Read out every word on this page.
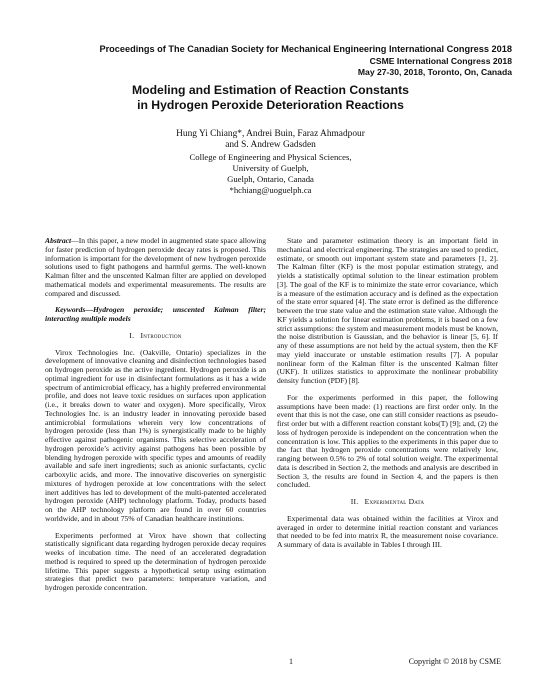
Proceedings of The Canadian Society for Mechanical Engineering International Congress 2018
CSME International Congress 2018
May 27-30, 2018, Toronto, On, Canada
Modeling and Estimation of Reaction Constants
in Hydrogen Peroxide Deterioration Reactions
Hung Yi Chiang*, Andrei Buin, Faraz Ahmadpour
and S. Andrew Gadsden
College of Engineering and Physical Sciences,
University of Guelph,
Guelph, Ontario, Canada
*hchiang@uoguelph.ca

Abstract—In this paper, a new model in augmented state space allowing for faster prediction of hydrogen peroxide decay rates is proposed. This information is important for the development of new hydrogen peroxide solutions used to fight pathogens and harmful germs. The well-known Kalman filter and the unscented Kalman filter are applied on developed mathematical models and experimental measurements. The results are compared and discussed.

Keywords—Hydrogen peroxide; unscented Kalman filter; interacting multiple models

I. Introduction

Virox Technologies Inc. (Oakville, Ontario) specializes in the development of innovative cleaning and disinfection technologies based on hydrogen peroxide as the active ingredient. Hydrogen peroxide is an optimal ingredient for use in disinfectant formulations as it has a wide spectrum of antimicrobial efficacy, has a highly preferred environmental profile, and does not leave toxic residues on surfaces upon application (i.e., it breaks down to water and oxygen). More specifically, Virox Technologies Inc. is an industry leader in innovating peroxide based antimicrobial formulations wherein very low concentrations of hydrogen peroxide (less than 1%) is synergistically made to be highly effective against pathogenic organisms. This selective acceleration of hydrogen peroxide’s activity against pathogens has been possible by blending hydrogen peroxide with specific types and amounts of readily available and safe inert ingredients; such as anionic surfactants, cyclic carboxylic acids, and more. The innovative discoveries on synergistic mixtures of hydrogen peroxide at low concentrations with the select inert additives has led to development of the multi-patented accelerated hydrogen peroxide (AHP) technology platform. Today, products based on the AHP technology platform are found in over 60 countries worldwide, and in about 75% of Canadian healthcare institutions.

Experiments performed at Virox have shown that collecting statistically significant data regarding hydrogen peroxide decay requires weeks of incubation time. The need of an accelerated degradation method is required to speed up the determination of hydrogen peroxide lifetime. This paper suggests a hypothetical setup using estimation strategies that predict two parameters: temperature variation, and hydrogen peroxide concentration.

State and parameter estimation theory is an important field in mechanical and electrical engineering. The strategies are used to predict, estimate, or smooth out important system state and parameters [1, 2]. The Kalman filter (KF) is the most popular estimation strategy, and yields a statistically optimal solution to the linear estimation problem [3]. The goal of the KF is to minimize the state error covariance, which is a measure of the estimation accuracy and is defined as the expectation of the state error squared [4]. The state error is defined as the difference between the true state value and the estimation state value. Although the KF yields a solution for linear estimation problems, it is based on a few strict assumptions: the system and measurement models must be known, the noise distribution is Gaussian, and the behavior is linear [5, 6]. If any of these assumptions are not held by the actual system, then the KF may yield inaccurate or unstable estimation results [7]. A popular nonlinear form of the Kalman filter is the unscented Kalman filter (UKF). It utilizes statistics to approximate the nonlinear probability density function (PDF) [8].

For the experiments performed in this paper, the following assumptions have been made: (1) reactions are first order only. In the event that this is not the case, one can still consider reactions as pseudo-first order but with a different reaction constant kobs(T) [9]; and, (2) the loss of hydrogen peroxide is independent on the concentration when the concentration is low. This applies to the experiments in this paper due to the fact that hydrogen peroxide concentrations were relatively low, ranging between 0.5% to 2% of total solution weight. The experimental data is described in Section 2, the methods and analysis are described in Section 3, the results are found in Section 4, and the papers is then concluded.

II. Experimental Data

Experimental data was obtained within the facilities at Virox and averaged in order to determine initial reaction constant and variances that needed to be fed into matrix R, the measurement noise covariance. A summary of data is available in Tables I through III.

1	Copyright © 2018 by CSME
